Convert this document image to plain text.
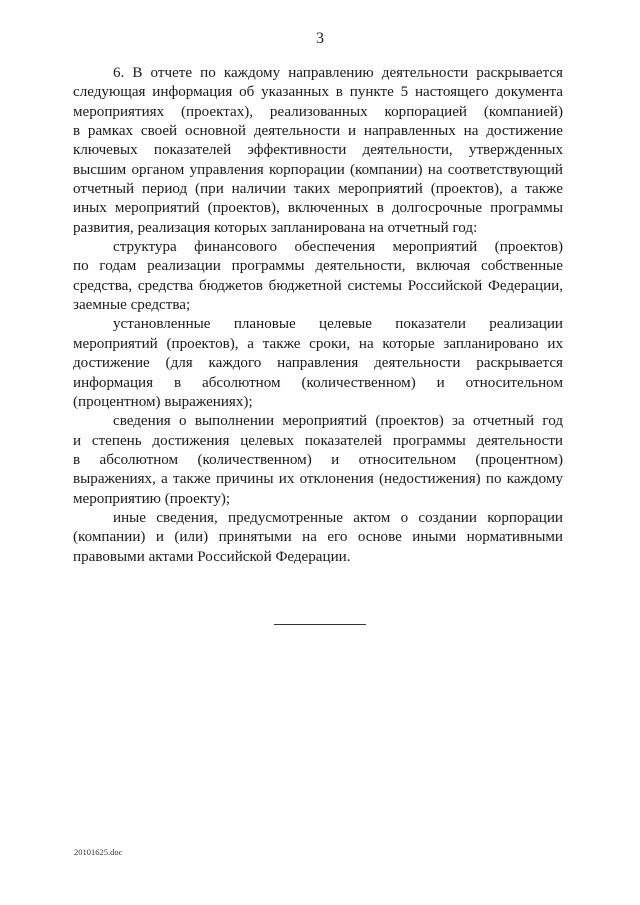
3
6. В отчете по каждому направлению деятельности раскрывается
следующая информация об указанных в пункте 5 настоящего документа
мероприятиях (проектах), реализованных корпорацией (компанией)
в рамках своей основной деятельности и направленных на достижение
ключевых показателей эффективности деятельности, утвержденных
высшим органом управления корпорации (компании) на соответствующий
отчетный период (при наличии таких мероприятий (проектов), а также
иных мероприятий (проектов), включенных в долгосрочные программы
развития, реализация которых запланирована на отчетный год:
структура финансового обеспечения мероприятий (проектов)
по годам реализации программы деятельности, включая собственные
средства, средства бюджетов бюджетной системы Российской Федерации,
заемные средства;
установленные плановые целевые показатели реализации
мероприятий (проектов), а также сроки, на которые запланировано их
достижение (для каждого направления деятельности раскрывается
информация в абсолютном (количественном) и относительном
(процентном) выражениях);
сведения о выполнении мероприятий (проектов) за отчетный год
и степень достижения целевых показателей программы деятельности
в абсолютном (количественном) и относительном (процентном)
выражениях, а также причины их отклонения (недостижения) по каждому
мероприятию (проекту);
иные сведения, предусмотренные актом о создании корпорации
(компании) и (или) принятыми на его основе иными нормативными
правовыми актами Российской Федерации.
20101625.doc
